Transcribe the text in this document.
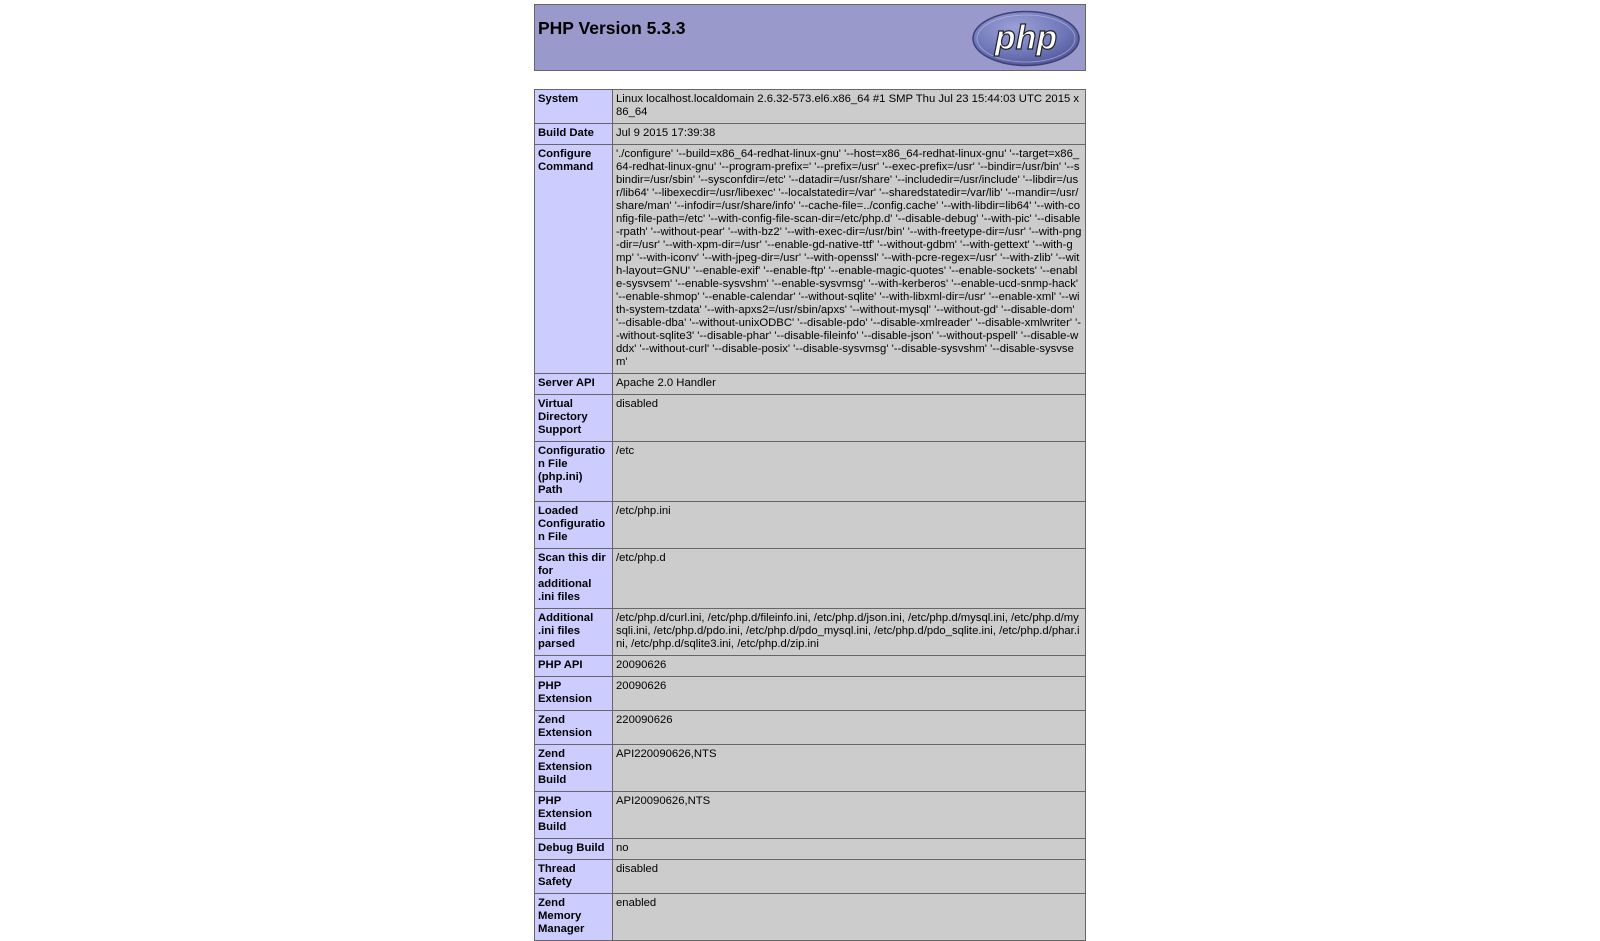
PHP Version 5.3.3	php
System	Linux localhost.localdomain 2.6.32-573.el6.x86_64 #1 SMP Thu Jul 23 15:44:03 UTC 2015 x86_64
Build Date	Jul 9 2015 17:39:38
Configure Command	'./configure' '--build=x86_64-redhat-linux-gnu' '--host=x86_64-redhat-linux-gnu' '--target=x86_64-redhat-linux-gnu' '--program-prefix=' '--prefix=/usr' '--exec-prefix=/usr' '--bindir=/usr/bin' '--sbindir=/usr/sbin' '--sysconfdir=/etc' '--datadir=/usr/share' '--includedir=/usr/include' '--libdir=/usr/lib64' '--libexecdir=/usr/libexec' '--localstatedir=/var' '--sharedstatedir=/var/lib' '--mandir=/usr/share/man' '--infodir=/usr/share/info' '--cache-file=../config.cache' '--with-libdir=lib64' '--with-config-file-path=/etc' '--with-config-file-scan-dir=/etc/php.d' '--disable-debug' '--with-pic' '--disable-rpath' '--without-pear' '--with-bz2' '--with-exec-dir=/usr/bin' '--with-freetype-dir=/usr' '--with-png-dir=/usr' '--with-xpm-dir=/usr' '--enable-gd-native-ttf' '--without-gdbm' '--with-gettext' '--with-gmp' '--with-iconv' '--with-jpeg-dir=/usr' '--with-openssl' '--with-pcre-regex=/usr' '--with-zlib' '--with-layout=GNU' '--enable-exif' '--enable-ftp' '--enable-magic-quotes' '--enable-sockets' '--enable-sysvsem' '--enable-sysvshm' '--enable-sysvmsg' '--with-kerberos' '--enable-ucd-snmp-hack' '--enable-shmop' '--enable-calendar' '--without-sqlite' '--with-libxml-dir=/usr' '--enable-xml' '--with-system-tzdata' '--with-apxs2=/usr/sbin/apxs' '--without-mysql' '--without-gd' '--disable-dom' '--disable-dba' '--without-unixODBC' '--disable-pdo' '--disable-xmlreader' '--disable-xmlwriter' '--without-sqlite3' '--disable-phar' '--disable-fileinfo' '--disable-json' '--without-pspell' '--disable-wddx' '--without-curl' '--disable-posix' '--disable-sysvmsg' '--disable-sysvshm' '--disable-sysvsem'
Server API	Apache 2.0 Handler
Virtual Directory Support	disabled
Configuration File (php.ini) Path	/etc
Loaded Configuration File	/etc/php.ini
Scan this dir for additional .ini files	/etc/php.d
Additional .ini files parsed	/etc/php.d/curl.ini, /etc/php.d/fileinfo.ini, /etc/php.d/json.ini, /etc/php.d/mysql.ini, /etc/php.d/mysqli.ini, /etc/php.d/pdo.ini, /etc/php.d/pdo_mysql.ini, /etc/php.d/pdo_sqlite.ini, /etc/php.d/phar.ini, /etc/php.d/sqlite3.ini, /etc/php.d/zip.ini
PHP API	20090626
PHP Extension	20090626
Zend Extension	220090626
Zend Extension Build	API220090626,NTS
PHP Extension Build	API20090626,NTS
Debug Build	no
Thread Safety	disabled
Zend Memory Manager	enabled
